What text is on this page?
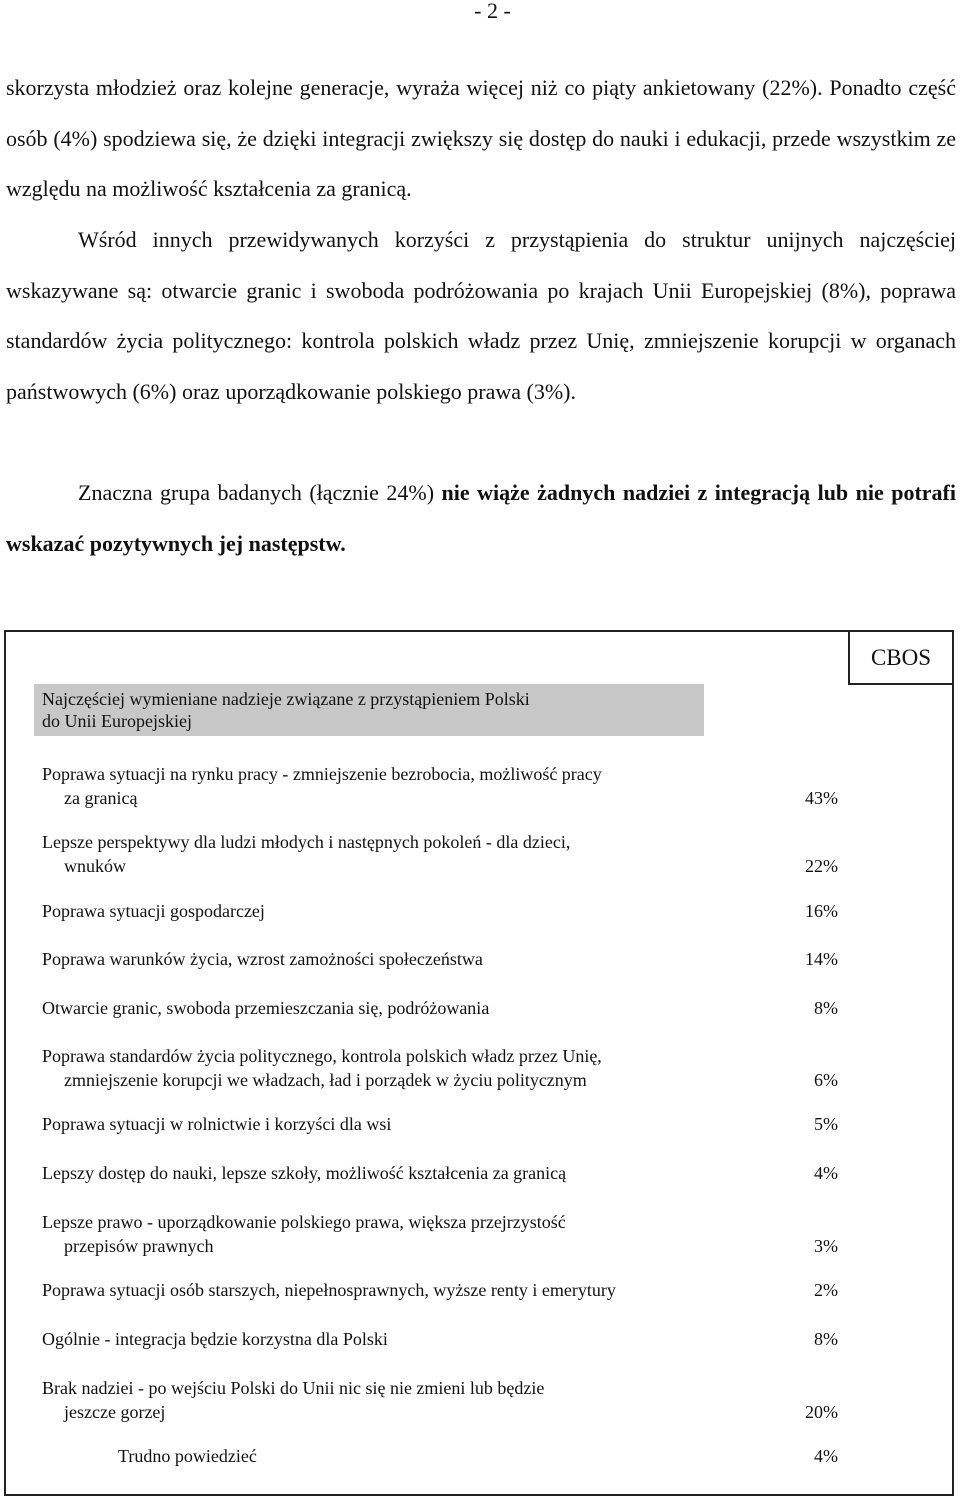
- 2 -

skorzysta młodzież oraz kolejne generacje, wyraża więcej niż co piąty ankietowany (22%). Ponadto część osób (4%) spodziewa się, że dzięki integracji zwiększy się dostęp do nauki i edukacji, przede wszystkim ze względu na możliwość kształcenia za granicą.

Wśród innych przewidywanych korzyści z przystąpienia do struktur unijnych najczęściej wskazywane są: otwarcie granic i swoboda podróżowania po krajach Unii Europejskiej (8%), poprawa standardów życia politycznego: kontrola polskich władz przez Unię, zmniejszenie korupcji w organach państwowych (6%) oraz uporządkowanie polskiego prawa (3%).

Znaczna grupa badanych (łącznie 24%) nie wiąże żadnych nadziei z integracją lub nie potrafi wskazać pozytywnych jej następstw.

CBOS
Najczęściej wymieniane nadzieje związane z przystąpieniem Polski
do Unii Europejskiej
Poprawa sytuacji na rynku pracy - zmniejszenie bezrobocia, możliwość pracy
za granicą	43%
Lepsze perspektywy dla ludzi młodych i następnych pokoleń - dla dzieci,
wnuków	22%
Poprawa sytuacji gospodarczej	16%
Poprawa warunków życia, wzrost zamożności społeczeństwa	14%
Otwarcie granic, swoboda przemieszczania się, podróżowania	8%
Poprawa standardów życia politycznego, kontrola polskich władz przez Unię,
zmniejszenie korupcji we władzach, ład i porządek w życiu politycznym	6%
Poprawa sytuacji w rolnictwie i korzyści dla wsi	5%
Lepszy dostęp do nauki, lepsze szkoły, możliwość kształcenia za granicą	4%
Lepsze prawo - uporządkowanie polskiego prawa, większa przejrzystość
przepisów prawnych	3%
Poprawa sytuacji osób starszych, niepełnosprawnych, wyższe renty i emerytury	2%
Ogólnie - integracja będzie korzystna dla Polski	8%
Brak nadziei - po wejściu Polski do Unii nic się nie zmieni lub będzie
jeszcze gorzej	20%
Trudno powiedzieć	4%
